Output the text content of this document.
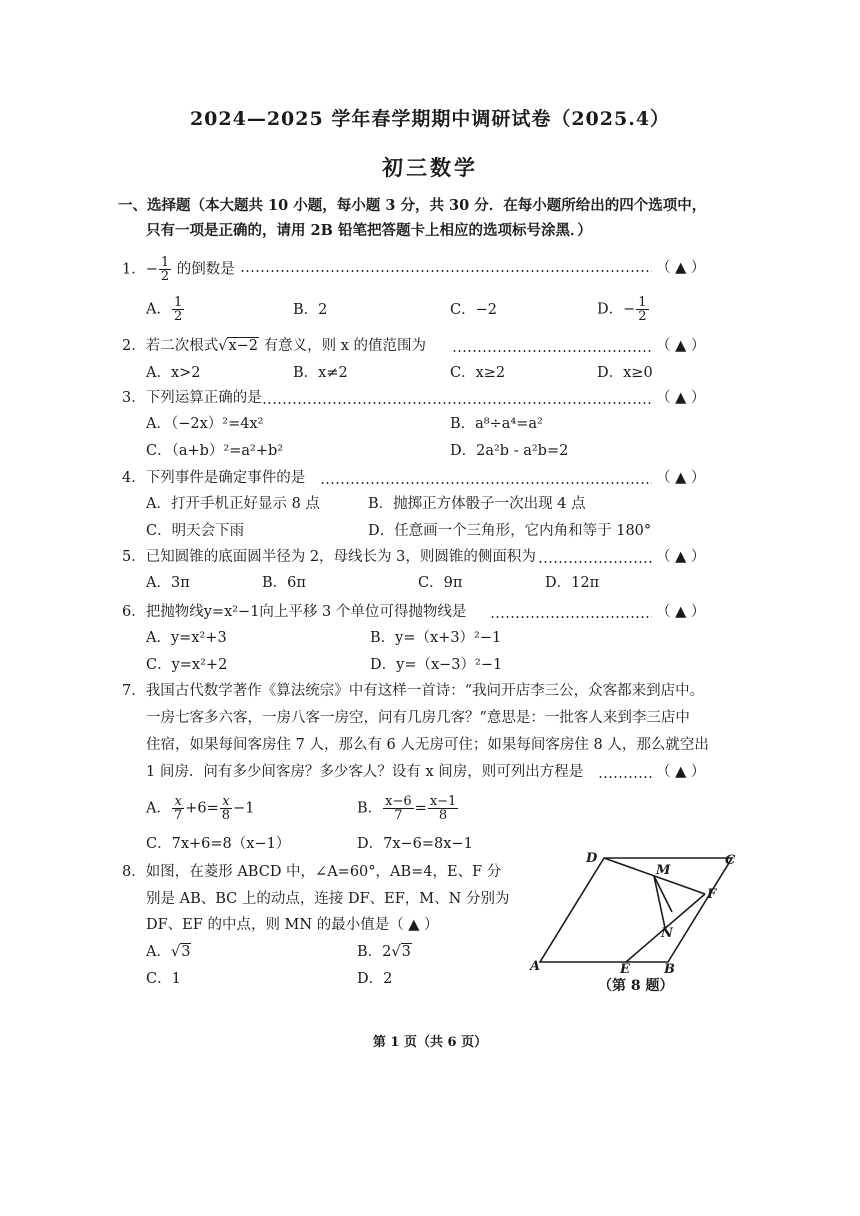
2024—2025 学年春学期期中调研试卷（2025.4）
初三数学
一、选择题（本大题共 10 小题，每小题 3 分，共 30 分．在每小题所给出的四个选项中，
只有一项是正确的，请用 2B 铅笔把答题卡上相应的选项标号涂黑．）
1．− $\frac{1}{2}$ 的倒数是	（ ▲ ）
A． $\frac{1}{2}$	B．2	C．−2	D．− $\frac{1}{2}$
2．若二次根式√x−2 有意义，则 x 的值范围为	（ ▲ ）
A．x>2	B．x≠2	C．x≥2	D．x≥0
3．下列运算正确的是	（ ▲ ）
A．（−2x）²=4x²	B．a⁸÷a⁴=a²
C．（a+b）²=a²+b²	D．2a²b - a²b=2
4．下列事件是确定事件的是	（ ▲ ）
A．打开手机正好显示 8 点	B．抛掷正方体骰子一次出现 4 点
C．明天会下雨	D．任意画一个三角形，它内角和等于 180°
5．已知圆锥的底面圆半径为 2，母线长为 3，则圆锥的侧面积为	（ ▲ ）
A．3π	B．6π	C．9π	D．12π
6．把抛物线y=x²−1向上平移 3 个单位可得抛物线是	（ ▲ ）
A．y=x²+3	B．y=（x+3）²−1
C．y=x²+2	D．y=（x−3）²−1
7．我国古代数学著作《算法统宗》中有这样一首诗：“我问开店李三公，众客都来到店中。
一房七客多六客，一房八客一房空，问有几房几客？”意思是：一批客人来到李三店中
住宿，如果每间客房住 7 人，那么有 6 人无房可住；如果每间客房住 8 人，那么就空出
1 间房．问有多少间客房？多少客人？设有 x 间房，则可列出方程是	（ ▲ ）
A． $\frac{x}{7} +6= \frac{x}{8} -1$	B． $\frac{x-6}{7} = \frac{x-1}{8}$
C．7x+6=8（x−1）	D．7x−6=8x−1
8．如图，在菱形 ABCD 中，∠A=60°，AB=4，E、F 分
别是 AB、BC 上的动点，连接 DF、EF，M、N 分别为
DF、EF 的中点，则 MN 的最小值是（ ▲ ）
A．√3	B．2√3
C．1	D．2
D	C
M
F
N
A	E	B
（第 8 题）
第 1 页（共 6 页）
